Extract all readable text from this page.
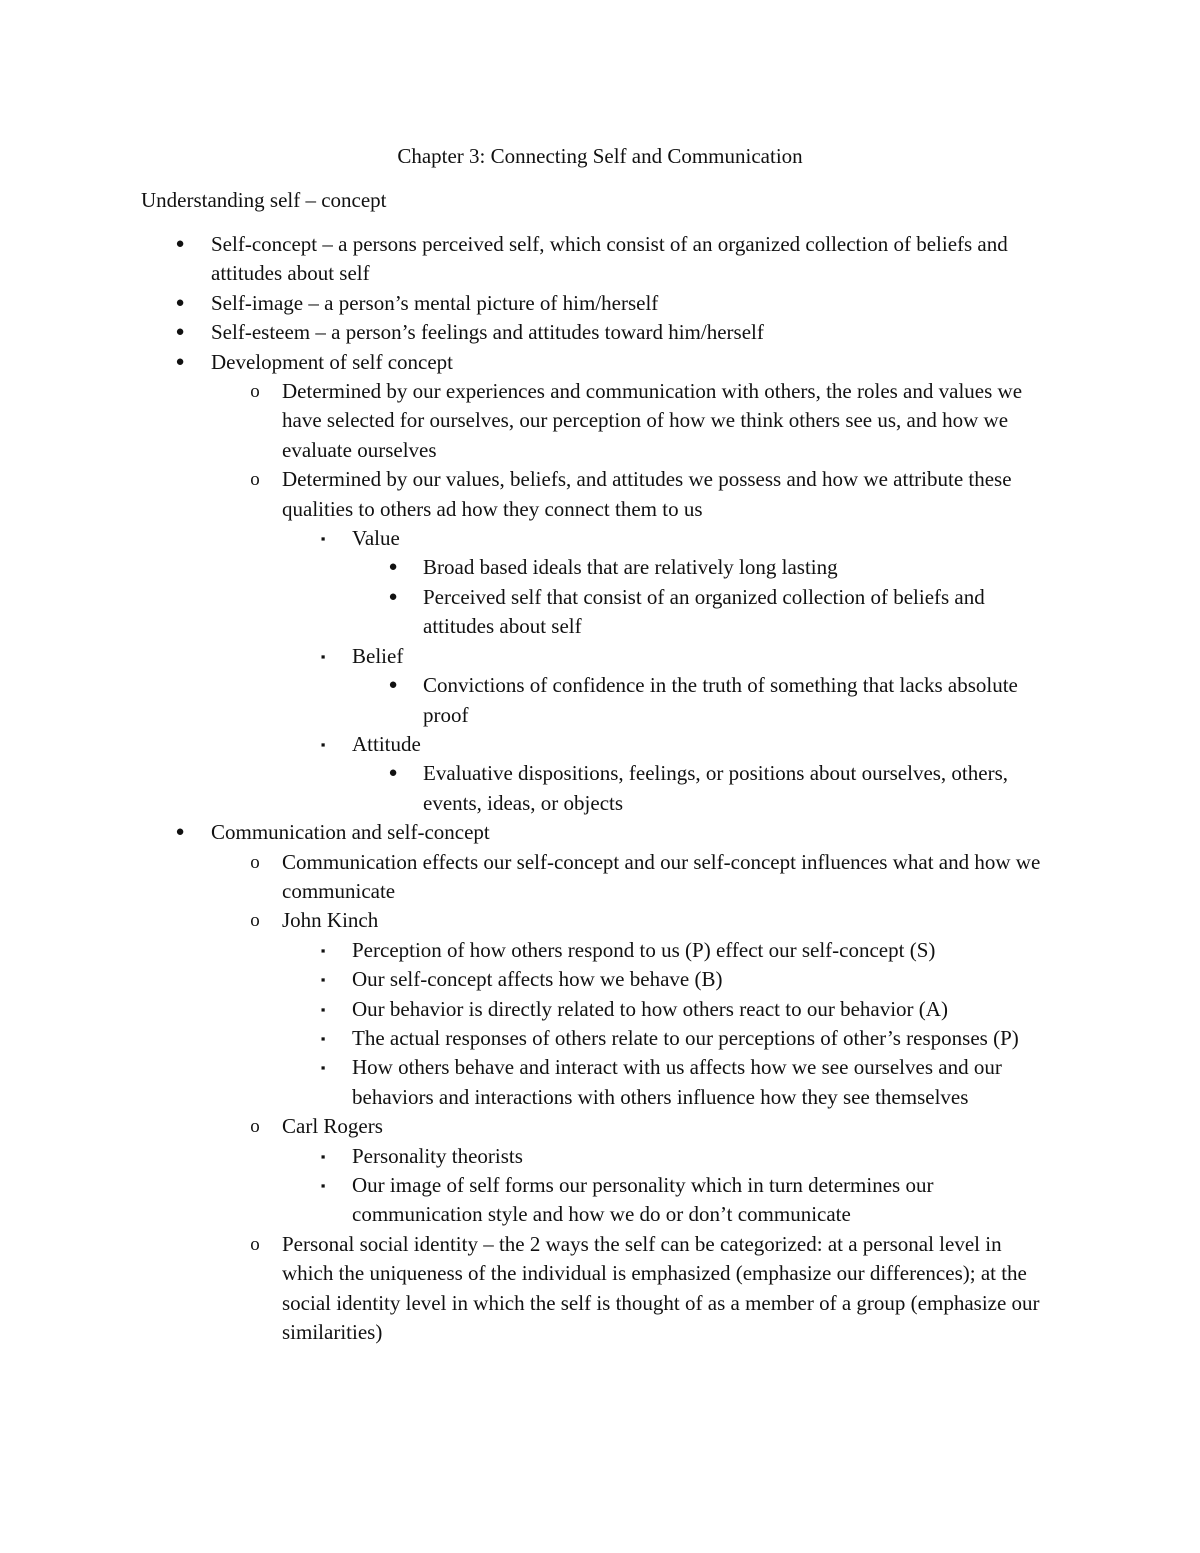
Chapter 3: Connecting Self and Communication
Understanding self – concept
● Self-concept – a persons perceived self, which consist of an organized collection of beliefs and attitudes about self
● Self-image – a person’s mental picture of him/herself
● Self-esteem – a person’s feelings and attitudes toward him/herself
● Development of self concept
o Determined by our experiences and communication with others, the roles and values we have selected for ourselves, our perception of how we think others see us, and how we evaluate ourselves
o Determined by our values, beliefs, and attitudes we possess and how we attribute these qualities to others ad how they connect them to us
▪	Value
● Broad based ideals that are relatively long lasting
● Perceived self that consist of an organized collection of beliefs and attitudes about self
▪	Belief
● Convictions of confidence in the truth of something that lacks absolute proof
▪	Attitude
● Evaluative dispositions, feelings, or positions about ourselves, others, events, ideas, or objects
● Communication and self-concept
o Communication effects our self-concept and our self-concept influences what and how we communicate
o John Kinch
▪	Perception of how others respond to us (P) effect our self-concept (S)
▪	Our self-concept affects how we behave (B)
▪	Our behavior is directly related to how others react to our behavior (A)
▪	The actual responses of others relate to our perceptions of other’s responses (P)
▪	How others behave and interact with us affects how we see ourselves and our behaviors and interactions with others influence how they see themselves
o Carl Rogers
▪	Personality theorists
▪	Our image of self forms our personality which in turn determines our communication style and how we do or don’t communicate
o Personal social identity – the 2 ways the self can be categorized: at a personal level in which the uniqueness of the individual is emphasized (emphasize our differences); at the social identity level in which the self is thought of as a member of a group (emphasize our similarities)
